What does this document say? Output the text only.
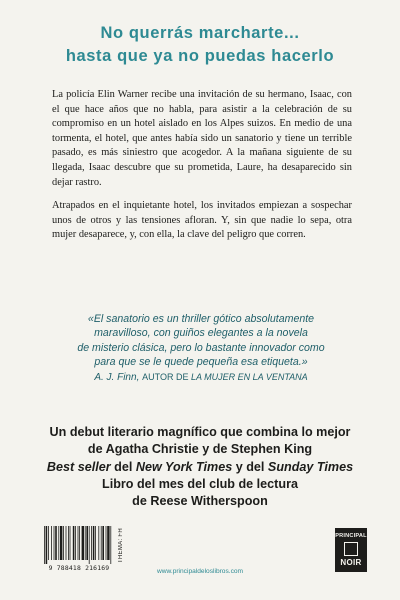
No querrás marcharte...
hasta que ya no puedas hacerlo

La policía Elin Warner recibe una invitación de su hermano, Isaac, con el que hace años que no habla, para asistir a la celebración de su compromiso en un hotel aislado en los Alpes suizos. En medio de una tormenta, el hotel, que antes había sido un sanatorio y tiene un terrible pasado, es más siniestro que acogedor. A la mañana siguiente de su llegada, Isaac descubre que su prometida, Laure, ha desaparecido sin dejar rastro.

Atrapados en el inquietante hotel, los invitados empiezan a sospechar unos de otros y las tensiones afloran. Y, sin que nadie lo sepa, otra mujer desaparece, y, con ella, la clave del peligro que corren.

«El sanatorio es un thriller gótico absolutamente
maravilloso, con guiños elegantes a la novela
de misterio clásica, pero lo bastante innovador como
para que se le quede pequeña esa etiqueta.»
A. J. Finn, AUTOR DE LA MUJER EN LA VENTANA
Un debut literario magnífico que combina lo mejor
de Agatha Christie y de Stephen King
Best seller del New York Times y del Sunday Times
Libro del mes del club de lectura
de Reese Witherspoon
9 788418 216169
THEMA: FH
www.principaldeloslibros.com
PRINCIPAL
NOIR
